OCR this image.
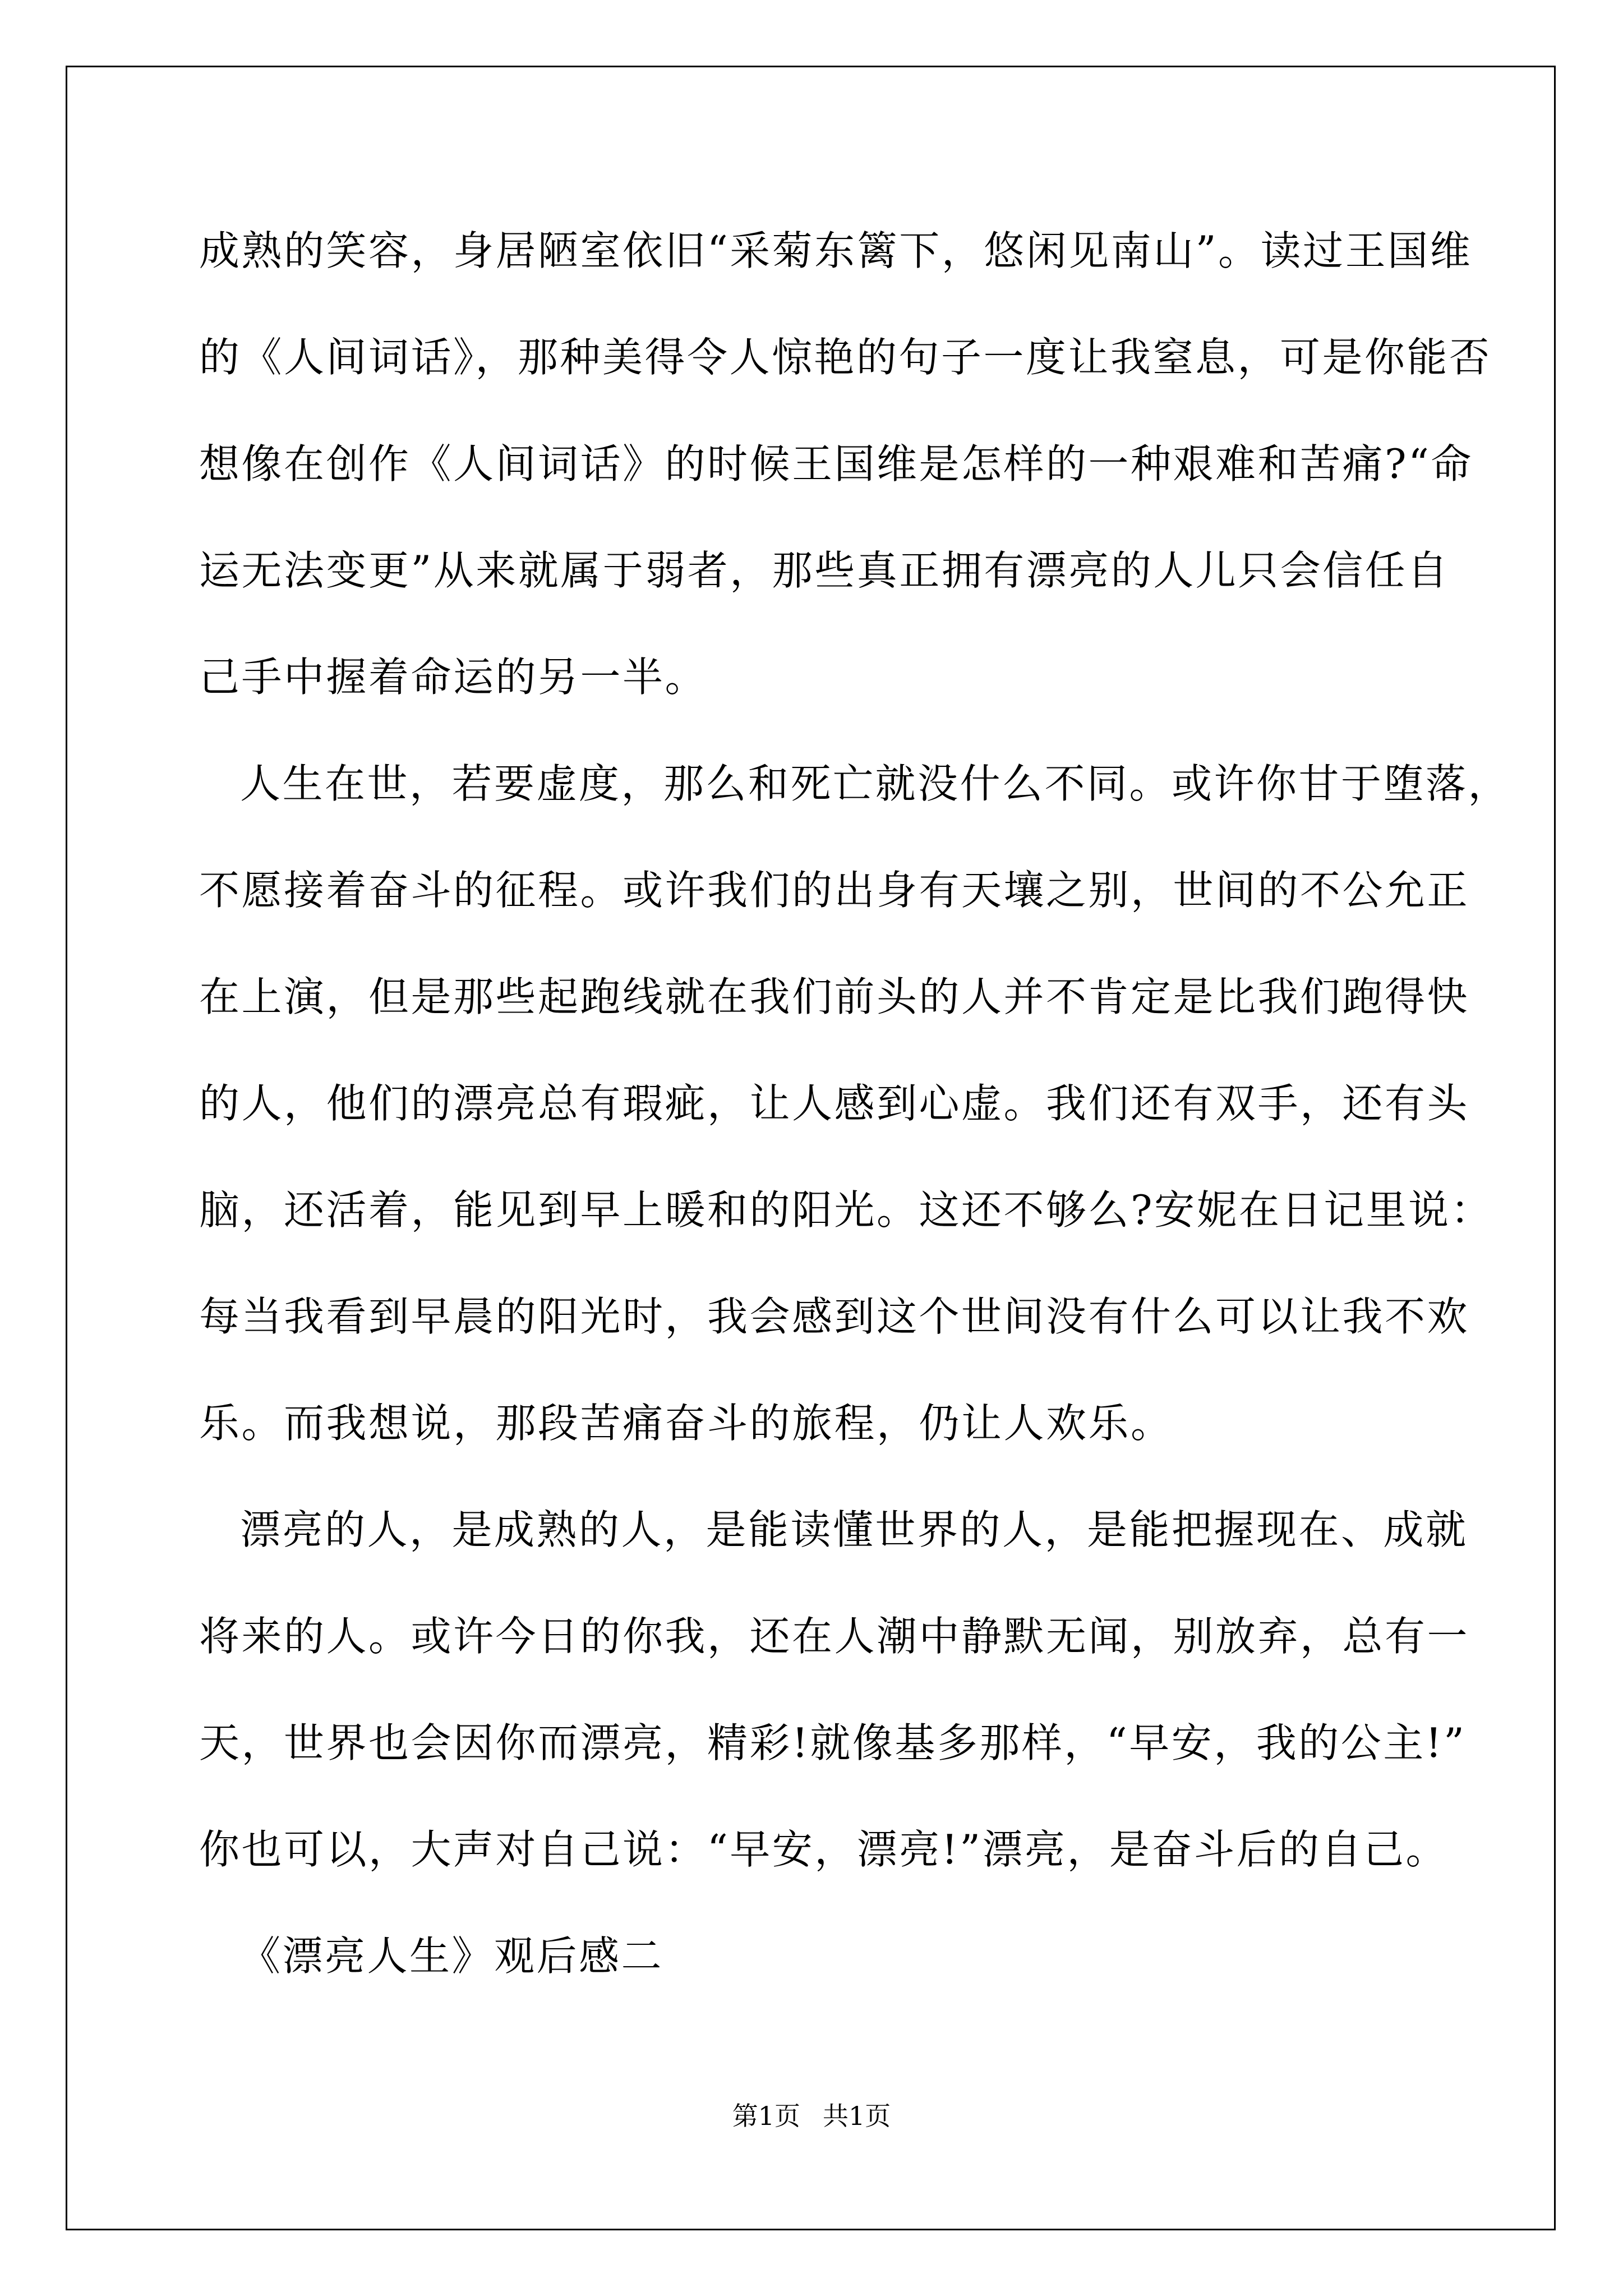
成熟的笑容，身居陋室依旧“采菊东篱下，悠闲见南山”。读过王国维

的《人间词话》，那种美得令人惊艳的句子一度让我窒息，可是你能否

想像在创作《人间词话》的时候王国维是怎样的一种艰难和苦痛?“命

运无法变更”从来就属于弱者，那些真正拥有漂亮的人儿只会信任自

己手中握着命运的另一半。

人生在世，若要虚度，那么和死亡就没什么不同。或许你甘于堕落，

不愿接着奋斗的征程。或许我们的出身有天壤之别，世间的不公允正

在上演，但是那些起跑线就在我们前头的人并不肯定是比我们跑得快

的人，他们的漂亮总有瑕疵，让人感到心虚。我们还有双手，还有头

脑，还活着，能见到早上暖和的阳光。这还不够么?安妮在日记里说：

每当我看到早晨的阳光时，我会感到这个世间没有什么可以让我不欢

乐。而我想说，那段苦痛奋斗的旅程，仍让人欢乐。

漂亮的人，是成熟的人，是能读懂世界的人，是能把握现在、成就

将来的人。或许今日的你我，还在人潮中静默无闻，别放弃，总有一

天，世界也会因你而漂亮，精彩!就像基多那样，“早安，我的公主!”

你也可以，大声对自己说：“早安，漂亮!”漂亮，是奋斗后的自己。

《漂亮人生》观后感二

第1页 共1页
